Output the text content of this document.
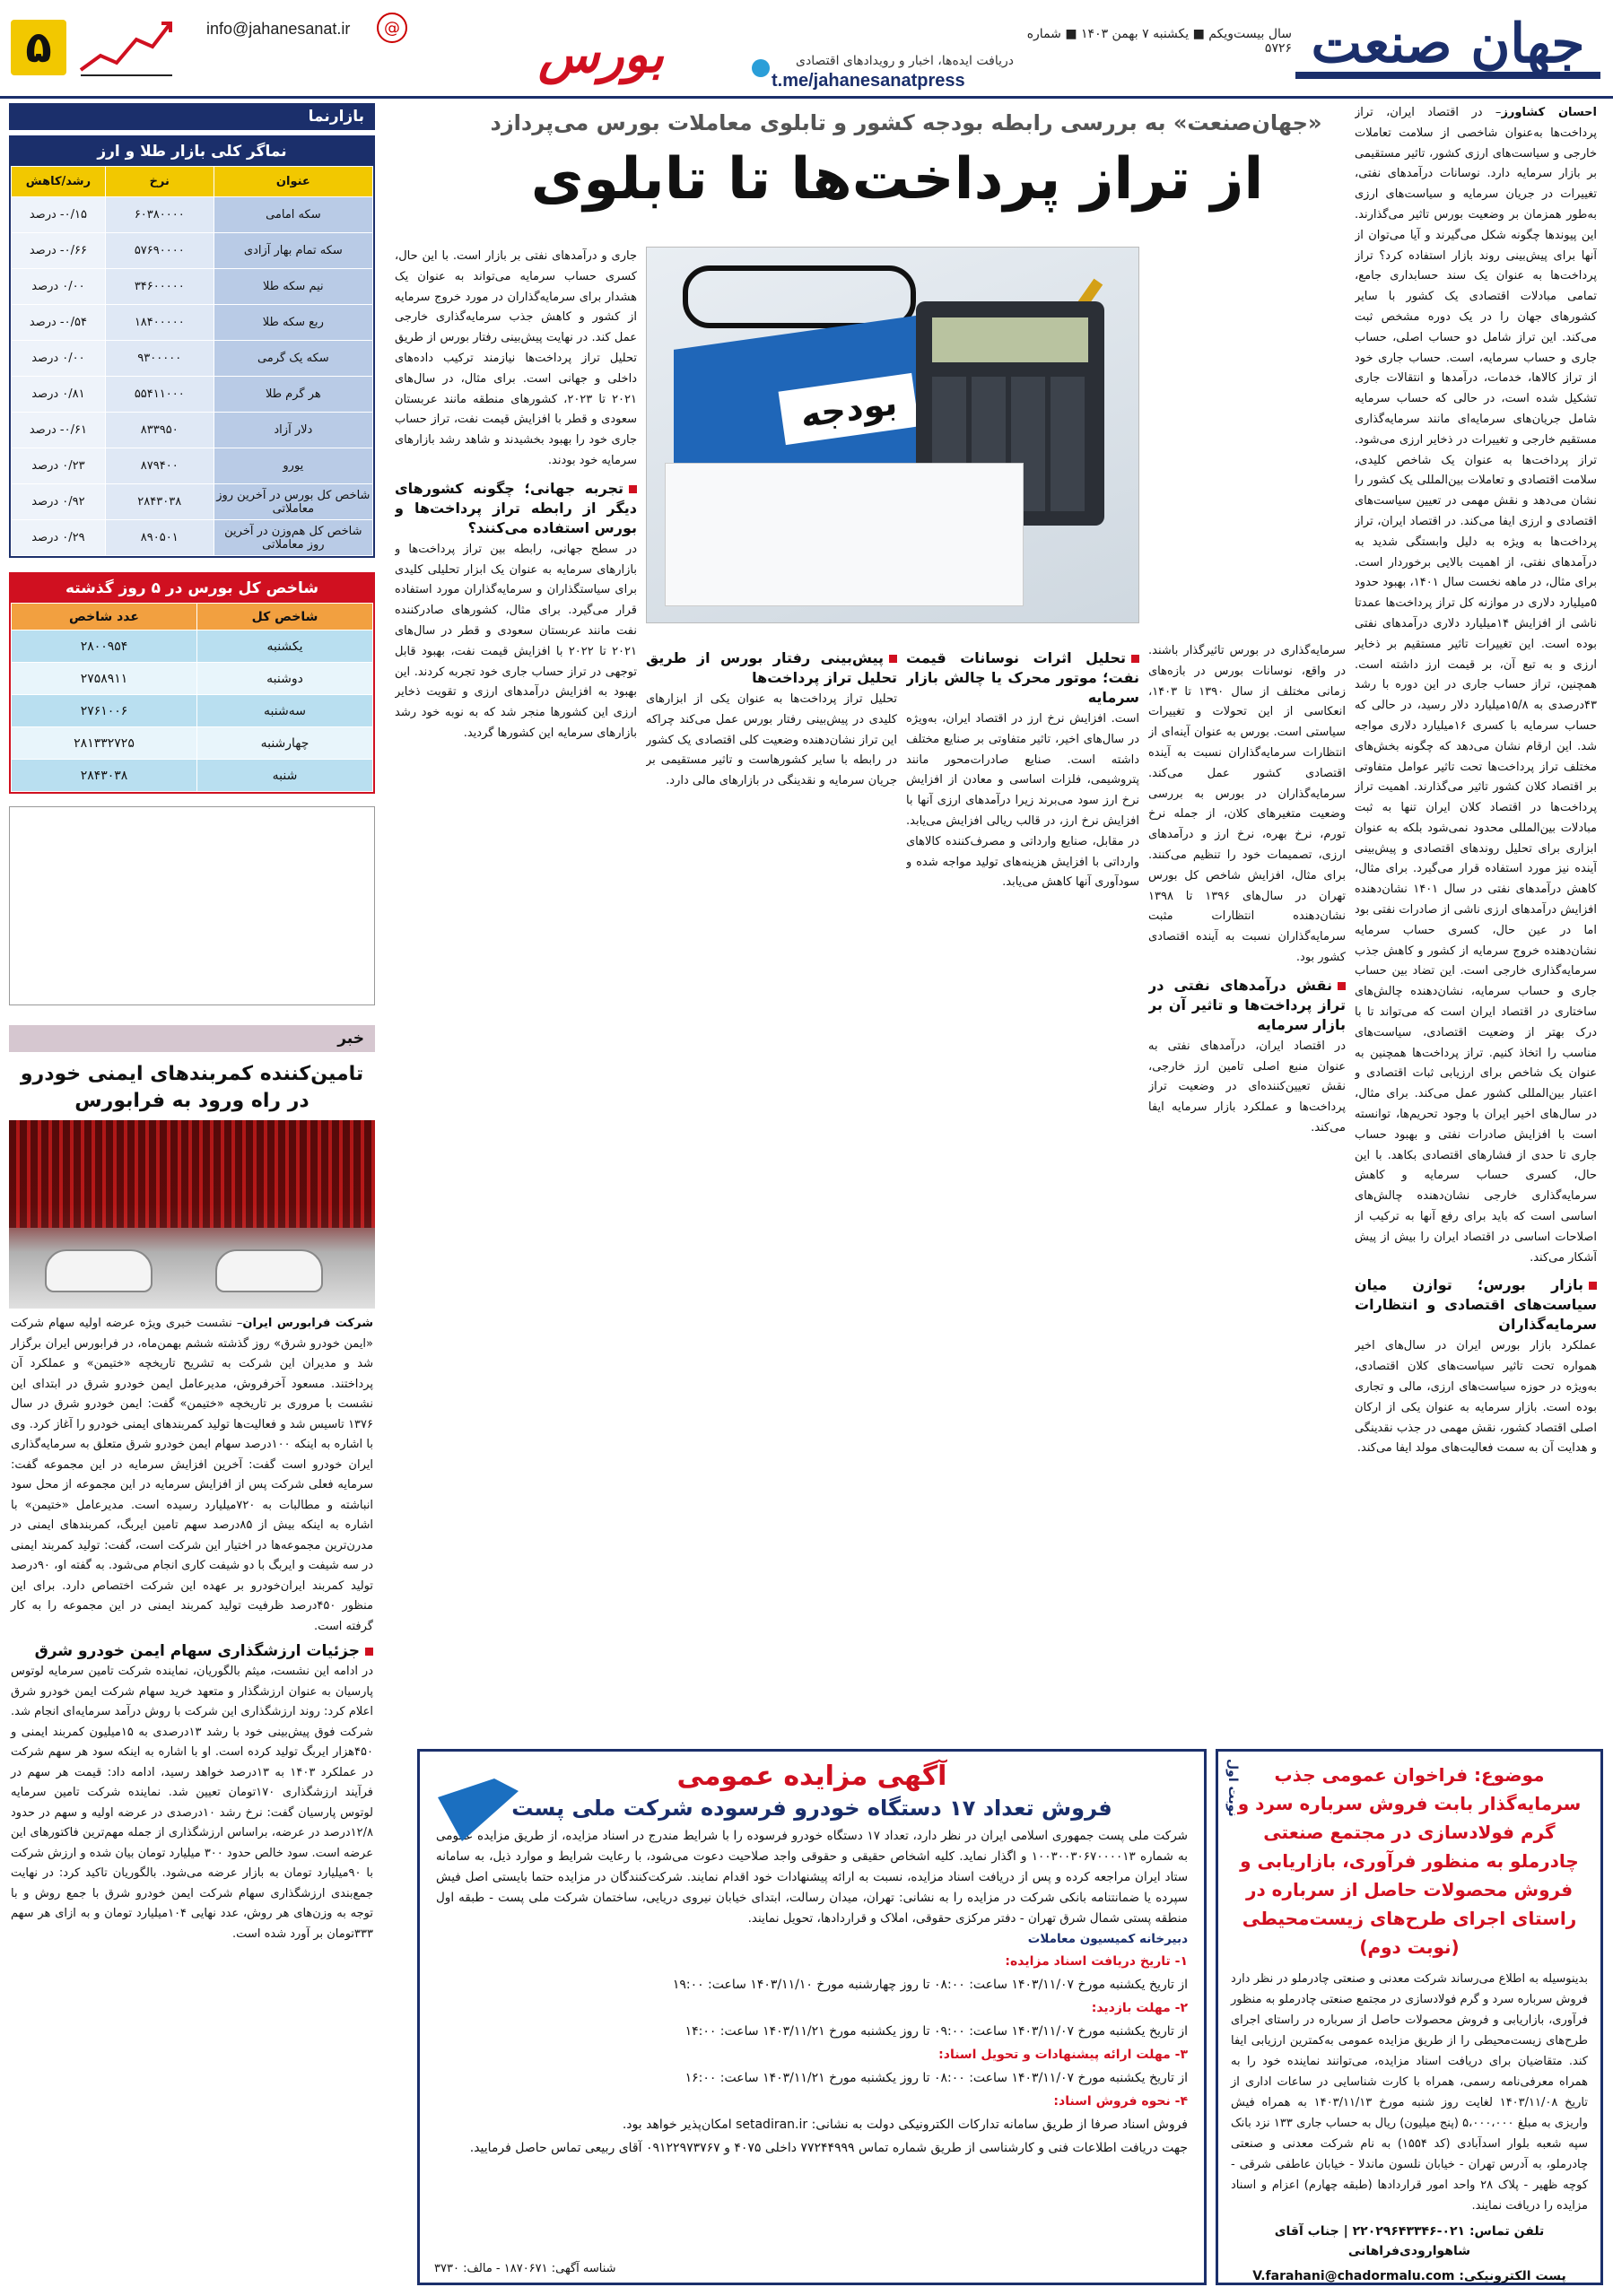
۵	info@jahanesanat.ir	@	بورس	دریافت ایده‌ها، اخبار و رویدادهای اقتصادی
t.me/jahanesanatpress
سال بیست‌ویکم ■ یکشنبه ۷ بهمن ۱۴۰۳ ■ شماره ۵۷۲۶ جهان صنعت
بازارنما
نماگر کلی بازار طلا و ارز
عنوان	نرخ	رشد/کاهش
سکه امامی	۶۰۳۸۰۰۰۰	۰/۱۵- درصد
سکه تمام بهار آزادی	۵۷۶۹۰۰۰۰	۰/۶۶- درصد
نیم سکه طلا	۳۴۶۰۰۰۰۰	۰/۰۰ درصد
ربع سکه طلا	۱۸۴۰۰۰۰۰	۰/۵۴- درصد
سکه یک گرمی	۹۳۰۰۰۰۰	۰/۰۰ درصد
هر گرم طلا	۵۵۴۱۱۰۰۰	۰/۸۱ درصد
دلار آزاد	۸۳۳۹۵۰	۰/۶۱- درصد
یورو	۸۷۹۴۰۰	۰/۲۳ درصد
شاخص کل بورس در آخرین روز معاملاتی	۲۸۴۳۰۳۸	۰/۹۲ درصد
شاخص کل هم‌وزن در آخرین روز معاملاتی	۸۹۰۵۰۱	۰/۲۹ درصد
شاخص کل بورس در ۵ روز گذشته
شاخص کل	عدد شاخص
یکشنبه	۲۸۰۰۹۵۴
دوشنبه	۲۷۵۸۹۱۱
سه‌شنبه	۲۷۶۱۰۰۶
چهارشنبه	۲۸۱۳۳۲۷۲۵
شنبه	۲۸۴۳۰۳۸
خبر
تامین‌کننده کمربندهای ایمنی خودرو در راه ورود به فرابورس
شرکت فرابورس ایران– نشست خبری ویژه عرضه اولیه سهام شرکت «ایمن خودرو شرق» روز گذشته ششم بهمن‌ماه، در فرابورس ایران برگزار شد و مدیران این شرکت به تشریح تاریخچه «ختیمن» و عملکرد آن پرداختند. مسعود آخرفروش، مدیرعامل ایمن خودرو شرق در ابتدای این نشست با مروری بر تاریخچه «ختیمن» گفت: ایمن خودرو شرق در سال ۱۳۷۶ تاسیس شد و فعالیت‌ها تولید کمربندهای ایمنی خودرو را آغاز کرد. وی با اشاره به اینکه ۱۰۰درصد سهام ایمن خودرو شرق متعلق به سرمایه‌گذاری ایران خودرو است گفت: آخرین افزایش سرمایه در این مجموعه گفت: سرمایه فعلی شرکت پس از افزایش سرمایه در این مجموعه از محل سود انباشته و مطالبات به ۷۲۰میلیارد رسیده است. مدیرعامل «ختیمن» با اشاره به اینکه بیش از ۸۵درصد سهم تامین ایربگ، کمربندهای ایمنی در مدرن‌ترین مجموعه‌ها در اختیار این شرکت است، گفت: تولید کمربند ایمنی در سه شیفت و ایربگ با دو شیفت کاری انجام می‌شود. به گفته او، ۹۰درصد تولید کمربند ایران‌خودرو بر عهده این شرکت اختصاص دارد. برای این منظور ۴۵۰درصد ظرفیت تولید کمربند ایمنی در این مجموعه را به کار گرفته است.
جزئیات ارزشگذاری سهام ایمن خودرو شرق
در ادامه این نشست، میثم بالگوریان، نماینده شرکت تامین سرمایه لوتوس پارسیان به عنوان ارزشگذار و متعهد خرید سهام شرکت ایمن خودرو شرق اعلام کرد: روند ارزشگذاری این شرکت با روش درآمد سرمایه‌ای انجام شد. شرکت فوق پیش‌بینی خود با رشد ۱۳درصدی به ۱۵میلیون کمربند ایمنی و ۴۵۰هزار ایربگ تولید کرده است. او با اشاره به اینکه سود هر سهم شرکت در عملکرد ۱۴۰۳ به ۱۳درصد خواهد رسید، ادامه داد: قیمت هر سهم در فرآیند ارزشگذاری ۱۷۰تومان تعیین شد. نماینده شرکت تامین سرمایه لوتوس پارسیان گفت: نرخ رشد ۱۰درصدی در عرضه اولیه و سهم در حدود ۱۲/۸درصد در عرضه، براساس ارزشگذاری از جمله مهم‌ترین فاکتورهای این عرضه است. سود خالص حدود ۳۰۰ میلیارد تومان بیان شده و ارزش شرکت با ۹۰میلیارد تومان به بازار عرضه می‌شود. بالگوریان تاکید کرد: در نهایت جمع‌بندی ارزشگذاری سهام شرکت ایمن خودرو شرق با جمع روش و با توجه به وزن‌های هر روش، عدد نهایی ۱۰۴میلیارد تومان و به ازای هر سهم ۳۳۳تومان بر آورد شده است.
«جهان‌صنعت» به بررسی رابطه بودجه کشور و تابلوی معاملات بورس می‌پردازد
از تراز پرداخت‌ها تا تابلوی
احسان کشاورز– در اقتصاد ایران، تراز پرداخت‌ها به‌عنوان شاخصی از سلامت تعاملات خارجی و سیاست‌های ارزی کشور، تاثیر مستقیمی بر بازار سرمایه دارد. نوسانات درآمدهای نفتی، تغییرات در جریان سرمایه و سیاست‌های ارزی به‌طور همزمان بر وضعیت بورس تاثیر می‌گذارند. این پیوندها چگونه شکل می‌گیرند و آیا می‌توان از آنها برای پیش‌بینی روند بازار استفاده کرد؟ تراز پرداخت‌ها به عنوان یک سند حسابداری جامع، تمامی مبادلات اقتصادی یک کشور با سایر کشورهای جهان را در یک دوره مشخص ثبت می‌کند. این تراز شامل دو حساب اصلی، حساب جاری و حساب سرمایه، است. حساب جاری خود از تراز کالاها، خدمات، درآمدها و انتقالات جاری تشکیل شده است، در حالی که حساب سرمایه شامل جریان‌های سرمایه‌ای مانند سرمایه‌گذاری مستقیم خارجی و تغییرات در ذخایر ارزی می‌شود. تراز پرداخت‌ها به عنوان یک شاخص کلیدی، سلامت اقتصادی و تعاملات بین‌المللی یک کشور را نشان می‌دهد و نقش مهمی در تعیین سیاست‌های اقتصادی و ارزی ایفا می‌کند. در اقتصاد ایران، تراز پرداخت‌ها به ویژه به دلیل وابستگی شدید به درآمدهای نفتی، از اهمیت بالایی برخوردار است. برای مثال، در ماهه نخست سال ۱۴۰۱، بهبود حدود ۵میلیارد دلاری در موازنه کل تراز پرداخت‌ها عمدتا ناشی از افزایش ۱۴میلیارد دلاری درآمدهای نفتی بوده است. این تغییرات تاثیر مستقیم بر ذخایر ارزی و به تبع آن، بر قیمت ارز داشته است. همچنین، تراز حساب جاری در این دوره با رشد ۴۳درصدی به ۱۵/۸میلیارد دلار رسید، در حالی که حساب سرمایه با کسری ۱۶میلیارد دلاری مواجه شد. این ارقام نشان می‌دهد که چگونه بخش‌های مختلف تراز پرداخت‌ها تحت تاثیر عوامل متفاوتی بر اقتصاد کلان کشور تاثیر می‌گذارند. اهمیت تراز پرداخت‌ها در اقتصاد کلان ایران تنها به ثبت مبادلات بین‌المللی محدود نمی‌شود بلکه به عنوان ابزاری برای تحلیل روندهای اقتصادی و پیش‌بینی آینده نیز مورد استفاده قرار می‌گیرد. برای مثال، کاهش درآمدهای نفتی در سال ۱۴۰۱ نشان‌دهنده افزایش درآمدهای ارزی ناشی از صادرات نفتی بود اما در عین حال، کسری حساب سرمایه نشان‌دهنده خروج سرمایه از کشور و کاهش جذب سرمایه‌گذاری خارجی است. این تضاد بین حساب جاری و حساب سرمایه، نشان‌دهنده چالش‌های ساختاری در اقتصاد ایران است که می‌تواند تا با درک بهتر از وضعیت اقتصادی، سیاست‌های مناسب را اتخاذ کنیم. تراز پرداخت‌ها همچنین به عنوان یک شاخص برای ارزیابی ثبات اقتصادی و اعتبار بین‌المللی کشور عمل می‌کند. برای مثال، در سال‌های اخیر ایران با وجود تحریم‌ها، توانسته است با افزایش صادرات نفتی و بهبود حساب جاری تا حدی از فشارهای اقتصادی بکاهد. با این حال، کسری حساب سرمایه و کاهش سرمایه‌گذاری خارجی نشان‌دهنده چالش‌های اساسی است که باید برای رفع آنها به ترکیب از اصلاحات اساسی در اقتصاد ایران را بیش از پیش آشکار می‌کند.
بازار بورس؛ توازن میان سیاست‌های اقتصادی و انتظارات سرمایه‌گذاران
عملکرد بازار بورس ایران در سال‌های اخیر همواره تحت تاثیر سیاست‌های کلان اقتصادی، به‌ویژه در حوزه سیاست‌های ارزی، مالی و تجاری بوده است. بازار سرمایه به عنوان یکی از ارکان اصلی اقتصاد کشور، نقش مهمی در جذب نقدینگی و هدایت آن به سمت فعالیت‌های مولد ایفا می‌کند.
بودجه
جاری و درآمدهای نفتی بر بازار است. با این حال، کسری حساب سرمایه می‌تواند به عنوان یک هشدار برای سرمایه‌گذاران در مورد خروج سرمایه از کشور و کاهش جذب سرمایه‌گذاری خارجی عمل کند. در نهایت پیش‌بینی رفتار بورس از طریق تحلیل تراز پرداخت‌ها نیازمند ترکیب داده‌های داخلی و جهانی است. برای مثال، در سال‌های ۲۰۲۱ تا ۲۰۲۳، کشورهای منطقه مانند عربستان سعودی و قطر با افزایش قیمت نفت، تراز حساب جاری خود را بهبود بخشیدند و شاهد رشد بازارهای سرمایه خود بودند.
تجربه جهانی؛ چگونه کشورهای دیگر از رابطه تراز پرداخت‌ها و بورس استفاده می‌کنند؟
در سطح جهانی، رابطه بین تراز پرداخت‌ها و بازارهای سرمایه به عنوان یک ابزار تحلیلی کلیدی برای سیاستگذاران و سرمایه‌گذاران مورد استفاده قرار می‌گیرد. برای مثال، کشورهای صادرکننده نفت مانند عربستان سعودی و قطر در سال‌های ۲۰۲۱ تا ۲۰۲۲ با افزایش قیمت نفت، بهبود قابل توجهی در تراز حساب جاری خود تجربه کردند. این بهبود به افزایش درآمدهای ارزی و تقویت ذخایر ارزی این کشورها منجر شد که به نوبه خود رشد بازارهای سرمایه این کشورها گردید.
سرمایه‌گذاری در بورس تاثیرگذار باشند. در واقع، نوسانات بورس در بازه‌های زمانی مختلف از سال ۱۳۹۰ تا ۱۴۰۳، انعکاسی از این تحولات و تغییرات سیاستی است. بورس به عنوان آینه‌ای از انتظارات سرمایه‌گذاران نسبت به آینده اقتصادی کشور عمل می‌کند. سرمایه‌گذاران در بورس به بررسی وضعیت متغیرهای کلان، از جمله نرخ تورم، نرخ بهره، نرخ ارز و درآمدهای ارزی، تصمیمات خود را تنظیم می‌کنند. برای مثال، افزایش شاخص کل بورس تهران در سال‌های ۱۳۹۶ تا ۱۳۹۸ نشان‌دهنده انتظارات مثبت سرمایه‌گذاران نسبت به آینده اقتصادی کشور بود.
نقش درآمدهای نفتی در تراز پرداخت‌ها و تاثیر آن بر بازار سرمایه
در اقتصاد ایران، درآمدهای نفتی به عنوان منبع اصلی تامین ارز خارجی، نقش تعیین‌کننده‌ای در وضعیت تراز پرداخت‌ها و عملکرد بازار سرمایه ایفا می‌کند.
تحلیل اثرات نوسانات قیمت نفت؛ موتور محرک یا چالش بازار سرمایه
است. افزایش نرخ ارز در اقتصاد ایران، به‌ویژه در سال‌های اخیر، تاثیر متفاوتی بر صنایع مختلف داشته است. صنایع صادرات‌محور مانند پتروشیمی، فلزات اساسی و معادن از افزایش نرخ ارز سود می‌برند زیرا درآمدهای ارزی آنها با افزایش نرخ ارز، در قالب ریالی افزایش می‌یابد. در مقابل، صنایع وارداتی و مصرف‌کننده کالاهای وارداتی با افزایش هزینه‌های تولید مواجه شده و سودآوری آنها کاهش می‌یابد.
پیش‌بینی رفتار بورس از طریق تحلیل تراز پرداخت‌ها
تحلیل تراز پرداخت‌ها به عنوان یکی از ابزارهای کلیدی در پیش‌بینی رفتار بورس عمل می‌کند چراکه این تراز نشان‌دهنده وضعیت کلی اقتصادی یک کشور در رابطه با سایر کشورهاست و تاثیر مستقیمی بر جریان سرمایه و نقدینگی در بازارهای مالی دارد.
آگهی مزایده عمومی
فروش تعداد ۱۷ دستگاه خودرو فرسوده شرکت ملی پست

شرکت ملی پست جمهوری اسلامی ایران در نظر دارد، تعداد ۱۷ دستگاه خودرو فرسوده را با شرایط مندرج در اسناد مزایده، از طریق مزایده عمومی به شماره ۱۰۰۳۰۰۳۰۶۷۰۰۰۰۱۳ و اگذار نماید. کلیه اشخاص حقیقی و حقوقی واجد صلاحیت دعوت می‌شود، با رعایت شرایط و موارد ذیل، به سامانه ستاد ایران مراجعه کرده و پس از دریافت اسناد مزایده، نسبت به ارائه پیشنهادات خود اقدام نمایند. شرکت‌کنندگان در مزایده حتما بایستی اصل فیش سپرده یا ضمانتنامه بانکی شرکت در مزایده را به نشانی: تهران، میدان رسالت، ابتدای خیابان نیروی دریایی، ساختمان شرکت ملی پست - طبقه اول منطقه پستی شمال شرق تهران - دفتر مرکزی حقوقی، املاک و قراردادها، تحویل نمایند.

دبیرخانه کمیسیون معاملات

۱- تاریخ دریافت اسناد مزایده:
از تاریخ یکشنبه مورخ ۱۴۰۳/۱۱/۰۷ ساعت: ۰۸:۰۰ تا روز چهارشنبه مورخ ۱۴۰۳/۱۱/۱۰ ساعت: ۱۹:۰۰
۲- مهلت بازدید:
از تاریخ یکشنبه مورخ ۱۴۰۳/۱۱/۰۷ ساعت: ۰۹:۰۰ تا روز یکشنبه مورخ ۱۴۰۳/۱۱/۲۱ ساعت: ۱۴:۰۰
۳- مهلت ارائه پیشنهادات و تحویل اسناد:
از تاریخ یکشنبه مورخ ۱۴۰۳/۱۱/۰۷ ساعت: ۰۸:۰۰ تا روز یکشنبه مورخ ۱۴۰۳/۱۱/۲۱ ساعت: ۱۶:۰۰
۴- نحوه فروش اسناد:
فروش اسناد صرفا از طریق سامانه تدارکات الکترونیکی دولت به نشانی: setadiran.ir امکان‌پذیر خواهد بود.
جهت دریافت اطلاعات فنی و کارشناسی از طریق شماره تماس ۷۷۲۴۴۹۹۹ داخلی ۴۰۷۵ و ۰۹۱۲۲۹۷۳۷۶۷ آقای ربیعی تماس حاصل فرمایید.
شناسه آگهی: ۱۸۷۰۶۷۱ - مالف: ۳۷۳۰
نوبت اول	موضوع: فراخوان عمومی جذب سرمایه‌گذار بابت فروش سرباره سرد و گرم فولادسازی در مجتمع صنعتی چادرملو به منظور فرآوری، بازاریابی و فروش محصولات حاصل از سرباره در راستای اجرای طرح‌های زیست‌محیطی (نوبت دوم)
بدینوسیله به اطلاع می‌رساند شرکت معدنی و صنعتی چادرملو در نظر دارد فروش سرباره سرد و گرم فولادسازی در مجتمع صنعتی چادرملو به منظور فرآوری، بازاریابی و فروش محصولات حاصل از سرباره در راستای اجرای طرح‌های زیست‌محیطی را از طریق مزایده عمومی به‌کمترین ارزیابی ایفا کند. متقاضیان برای دریافت اسناد مزایده، می‌توانند نماینده خود را به همراه معرفی‌نامه رسمی، همراه با کارت شناسایی در ساعات اداری از تاریخ ۱۴۰۳/۱۱/۰۸ لغایت روز شنبه مورخ ۱۴۰۳/۱۱/۱۳ به همراه فیش واریزی به مبلغ ۵،۰۰۰،۰۰۰ (پنج میلیون) ریال به حساب جاری ۱۳۳ نزد بانک سپه شعبه بلوار اسدآبادی (کد ۱۵۵۴) به نام شرکت معدنی و صنعتی چادرملو، به آدرس تهران - خیابان نلسون ماندلا - خیابان عاطفی شرقی - کوچه ظهیر - پلاک ۲۸ واحد امور قراردادها (طبقه چهارم) اعزام و اسناد مزایده را دریافت نمایند.
تلفن تماس: ۰۲۱-۲۲۰۲۹۶۴۳۳۴۶ | جناب آقای شاهوارودی‌فراهانی
پست الکترونیکی: V.farahani@chadormalu.com
